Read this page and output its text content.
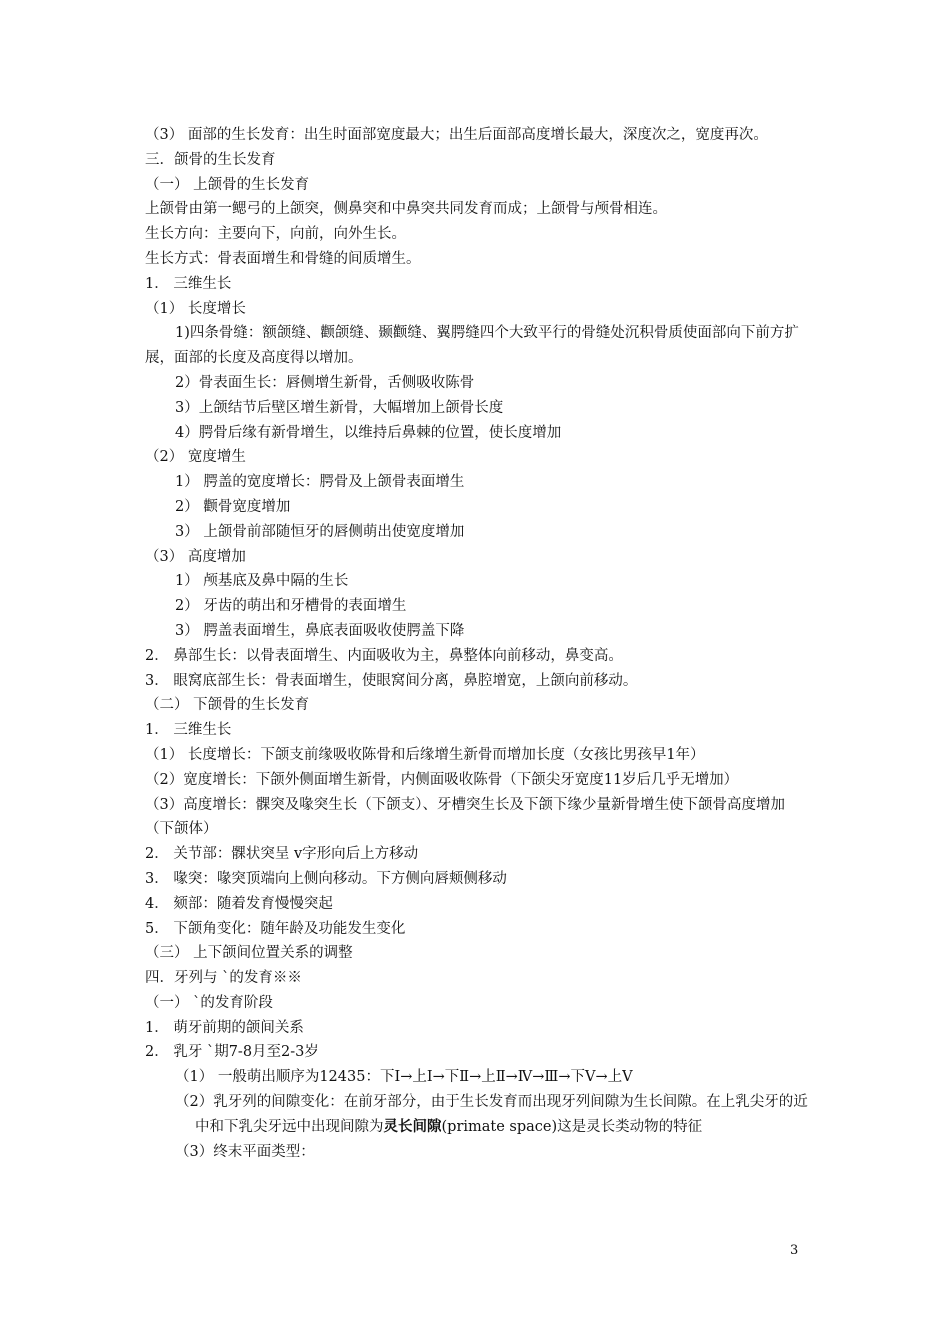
（3） 面部的生长发育：出生时面部宽度最大；出生后面部高度增长最大，深度次之，宽度再次。
三．颌骨的生长发育
（一） 上颌骨的生长发育
上颌骨由第一鳃弓的上颌突，侧鼻突和中鼻突共同发育而成；上颌骨与颅骨相连。
生长方向：主要向下，向前，向外生长。
生长方式：骨表面增生和骨缝的间质增生。
1． 三维生长
（1） 长度增长
1)四条骨缝：额颌缝、颧颌缝、颞颧缝、翼腭缝四个大致平行的骨缝处沉积骨质使面部向下前方扩展，面部的长度及高度得以增加。
2）骨表面生长：唇侧增生新骨，舌侧吸收陈骨
3）上颌结节后壁区增生新骨，大幅增加上颌骨长度
4）腭骨后缘有新骨增生，以维持后鼻棘的位置，使长度增加
（2） 宽度增生
1） 腭盖的宽度增长：腭骨及上颌骨表面增生
2） 颧骨宽度增加
3） 上颌骨前部随恒牙的唇侧萌出使宽度增加
（3） 高度增加
1） 颅基底及鼻中隔的生长
2） 牙齿的萌出和牙槽骨的表面增生
3） 腭盖表面增生，鼻底表面吸收使腭盖下降
2． 鼻部生长：以骨表面增生、内面吸收为主，鼻整体向前移动，鼻变高。
3． 眼窝底部生长：骨表面增生，使眼窝间分离，鼻腔增宽，上颌向前移动。
（二） 下颌骨的生长发育
1． 三维生长
（1） 长度增长：下颌支前缘吸收陈骨和后缘增生新骨而增加长度（女孩比男孩早1年）
（2）宽度增长：下颌外侧面增生新骨，内侧面吸收陈骨（下颌尖牙宽度11岁后几乎无增加）
（3）高度增长：髁突及喙突生长（下颌支）、牙槽突生长及下颌下缘少量新骨增生使下颌骨高度增加（下颌体）
2． 关节部：髁状突呈 v字形向后上方移动
3． 喙突：喙突顶端向上侧向移动。下方侧向唇颊侧移动
4． 颏部：随着发育慢慢突起
5． 下颌角变化：随年龄及功能发生变化
（三） 上下颌间位置关系的调整
四．牙列与 `的发育※※
（一） `的发育阶段
1． 萌牙前期的颌间关系
2． 乳牙 `期7-8月至2-3岁
（1） 一般萌出顺序为12435：下Ⅰ→上Ⅰ→下Ⅱ→上Ⅱ→Ⅳ→Ⅲ→下Ⅴ→上Ⅴ
（2）乳牙列的间隙变化：在前牙部分，由于生长发育而出现牙列间隙为生长间隙。在上乳尖牙的近中和下乳尖牙远中出现间隙为灵长间隙(primate space)这是灵长类动物的特征
（3）终末平面类型：
3
